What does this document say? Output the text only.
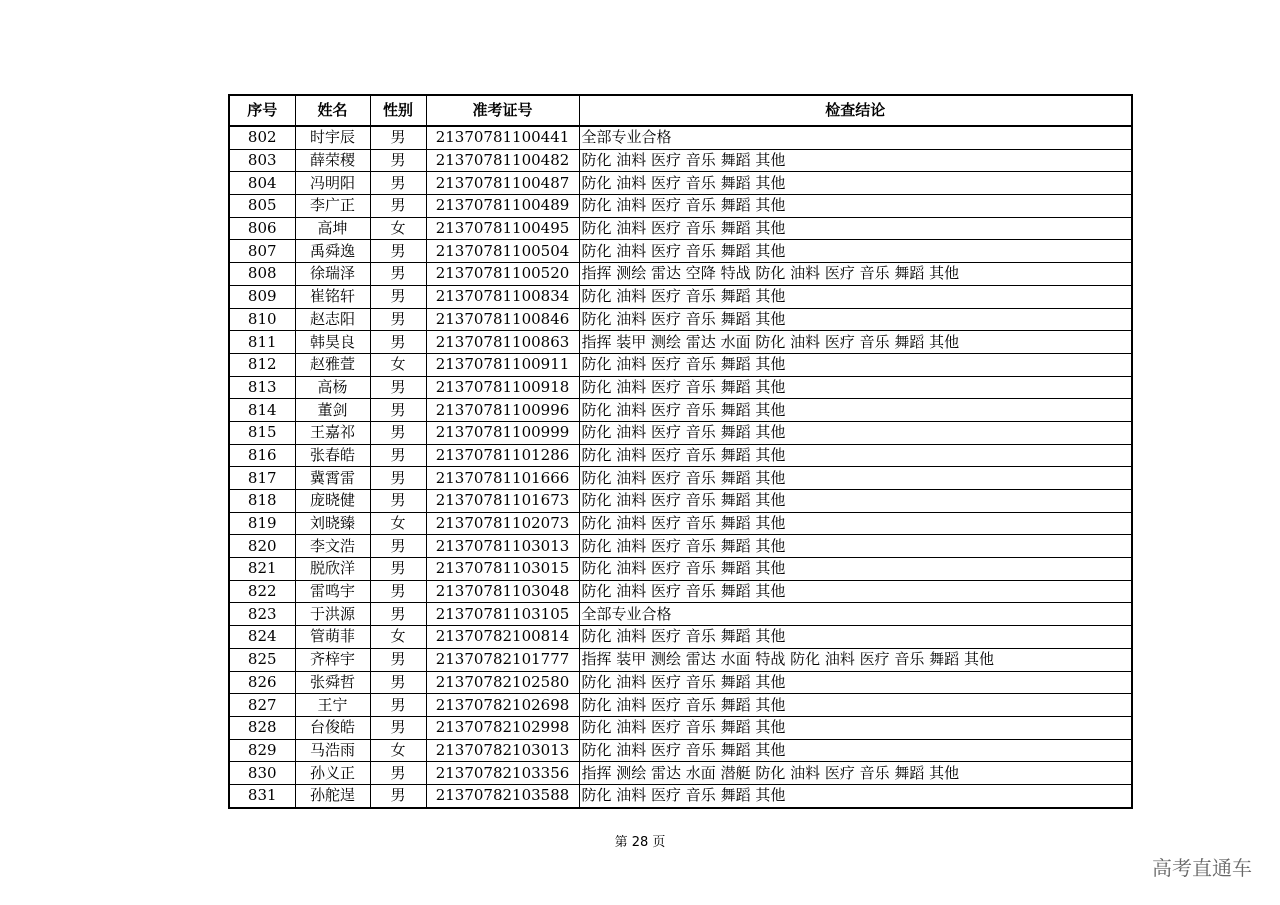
序号	姓名	性别	准考证号	检查结论
802	时宇辰	男	21370781100441	全部专业合格
803	薛荣稷	男	21370781100482	防化 油料 医疗 音乐 舞蹈 其他
804	冯明阳	男	21370781100487	防化 油料 医疗 音乐 舞蹈 其他
805	李广正	男	21370781100489	防化 油料 医疗 音乐 舞蹈 其他
806	高坤	女	21370781100495	防化 油料 医疗 音乐 舞蹈 其他
807	禹舜逸	男	21370781100504	防化 油料 医疗 音乐 舞蹈 其他
808	徐瑞泽	男	21370781100520	指挥 测绘 雷达 空降 特战 防化 油料 医疗 音乐 舞蹈 其他
809	崔铭轩	男	21370781100834	防化 油料 医疗 音乐 舞蹈 其他
810	赵志阳	男	21370781100846	防化 油料 医疗 音乐 舞蹈 其他
811	韩昊良	男	21370781100863	指挥 装甲 测绘 雷达 水面 防化 油料 医疗 音乐 舞蹈 其他
812	赵雅萱	女	21370781100911	防化 油料 医疗 音乐 舞蹈 其他
813	高杨	男	21370781100918	防化 油料 医疗 音乐 舞蹈 其他
814	董剑	男	21370781100996	防化 油料 医疗 音乐 舞蹈 其他
815	王嘉祁	男	21370781100999	防化 油料 医疗 音乐 舞蹈 其他
816	张春皓	男	21370781101286	防化 油料 医疗 音乐 舞蹈 其他
817	冀霄雷	男	21370781101666	防化 油料 医疗 音乐 舞蹈 其他
818	庞晓健	男	21370781101673	防化 油料 医疗 音乐 舞蹈 其他
819	刘晓臻	女	21370781102073	防化 油料 医疗 音乐 舞蹈 其他
820	李文浩	男	21370781103013	防化 油料 医疗 音乐 舞蹈 其他
821	脱欣洋	男	21370781103015	防化 油料 医疗 音乐 舞蹈 其他
822	雷鸣宇	男	21370781103048	防化 油料 医疗 音乐 舞蹈 其他
823	于洪源	男	21370781103105	全部专业合格
824	管萌菲	女	21370782100814	防化 油料 医疗 音乐 舞蹈 其他
825	齐梓宇	男	21370782101777	指挥 装甲 测绘 雷达 水面 特战 防化 油料 医疗 音乐 舞蹈 其他
826	张舜哲	男	21370782102580	防化 油料 医疗 音乐 舞蹈 其他
827	王宁	男	21370782102698	防化 油料 医疗 音乐 舞蹈 其他
828	台俊皓	男	21370782102998	防化 油料 医疗 音乐 舞蹈 其他
829	马浩雨	女	21370782103013	防化 油料 医疗 音乐 舞蹈 其他
830	孙义正	男	21370782103356	指挥 测绘 雷达 水面 潜艇 防化 油料 医疗 音乐 舞蹈 其他
831	孙舵逞	男	21370782103588	防化 油料 医疗 音乐 舞蹈 其他
第 28 页
高考直通车
